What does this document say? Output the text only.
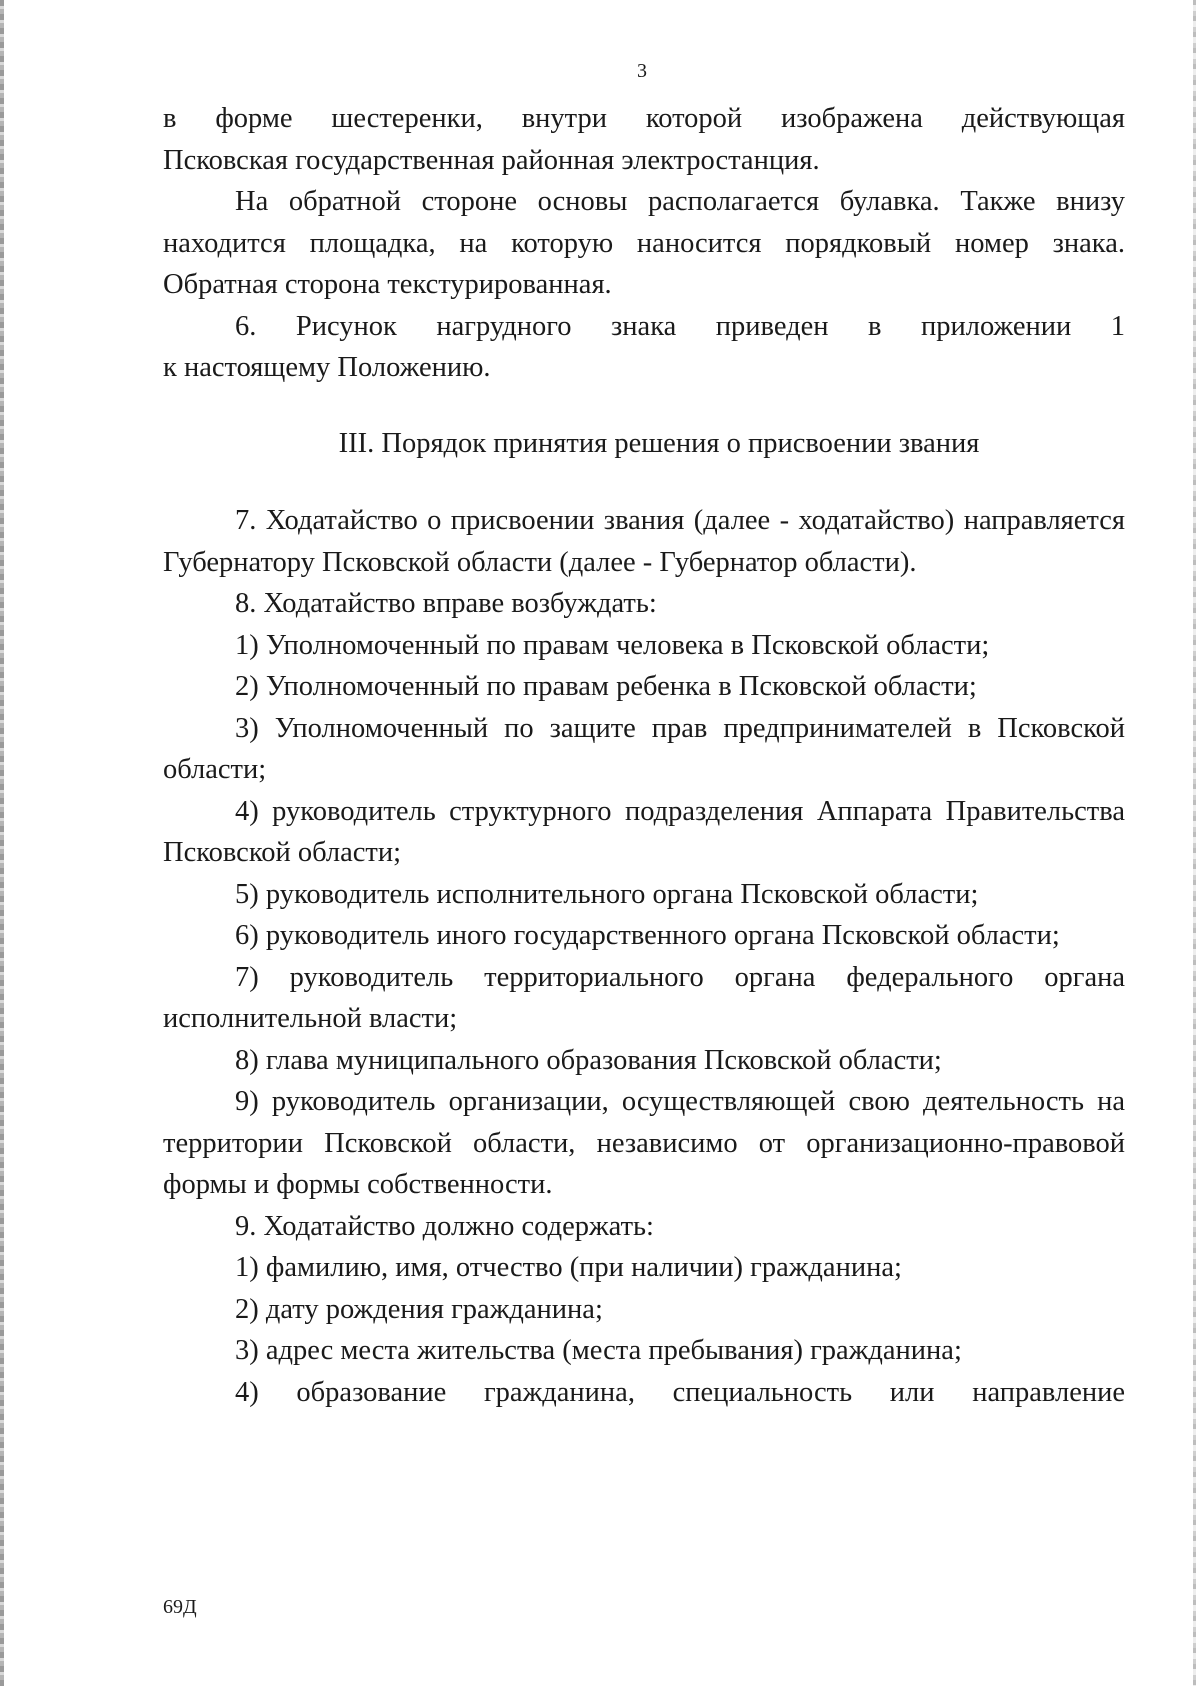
3

в форме шестеренки, внутри которой изображена действующая

Псковская государственная районная электростанция.

На обратной стороне основы располагается булавка. Также внизу находится площадка, на которую наносится порядковый номер знака. Обратная сторона текстурированная.

6. Рисунок нагрудного знака приведен в приложении 1

к настоящему Положению.

III. Порядок принятия решения о присвоении звания

7. Ходатайство о присвоении звания (далее - ходатайство) направляется Губернатору Псковской области (далее - Губернатор области).

8. Ходатайство вправе возбуждать:

1) Уполномоченный по правам человека в Псковской области;

2) Уполномоченный по правам ребенка в Псковской области;

3) Уполномоченный по защите прав предпринимателей в Псковской области;

4) руководитель структурного подразделения Аппарата Правительства Псковской области;

5) руководитель исполнительного органа Псковской области;

6) руководитель иного государственного органа Псковской области;

7) руководитель территориального органа федерального органа исполнительной власти;

8) глава муниципального образования Псковской области;

9) руководитель организации, осуществляющей свою деятельность на территории Псковской области, независимо от организационно-правовой формы и формы собственности.

9. Ходатайство должно содержать:

1) фамилию, имя, отчество (при наличии) гражданина;

2) дату рождения гражданина;

3) адрес места жительства (места пребывания) гражданина;

4) образование гражданина, специальность или направление

69Д
